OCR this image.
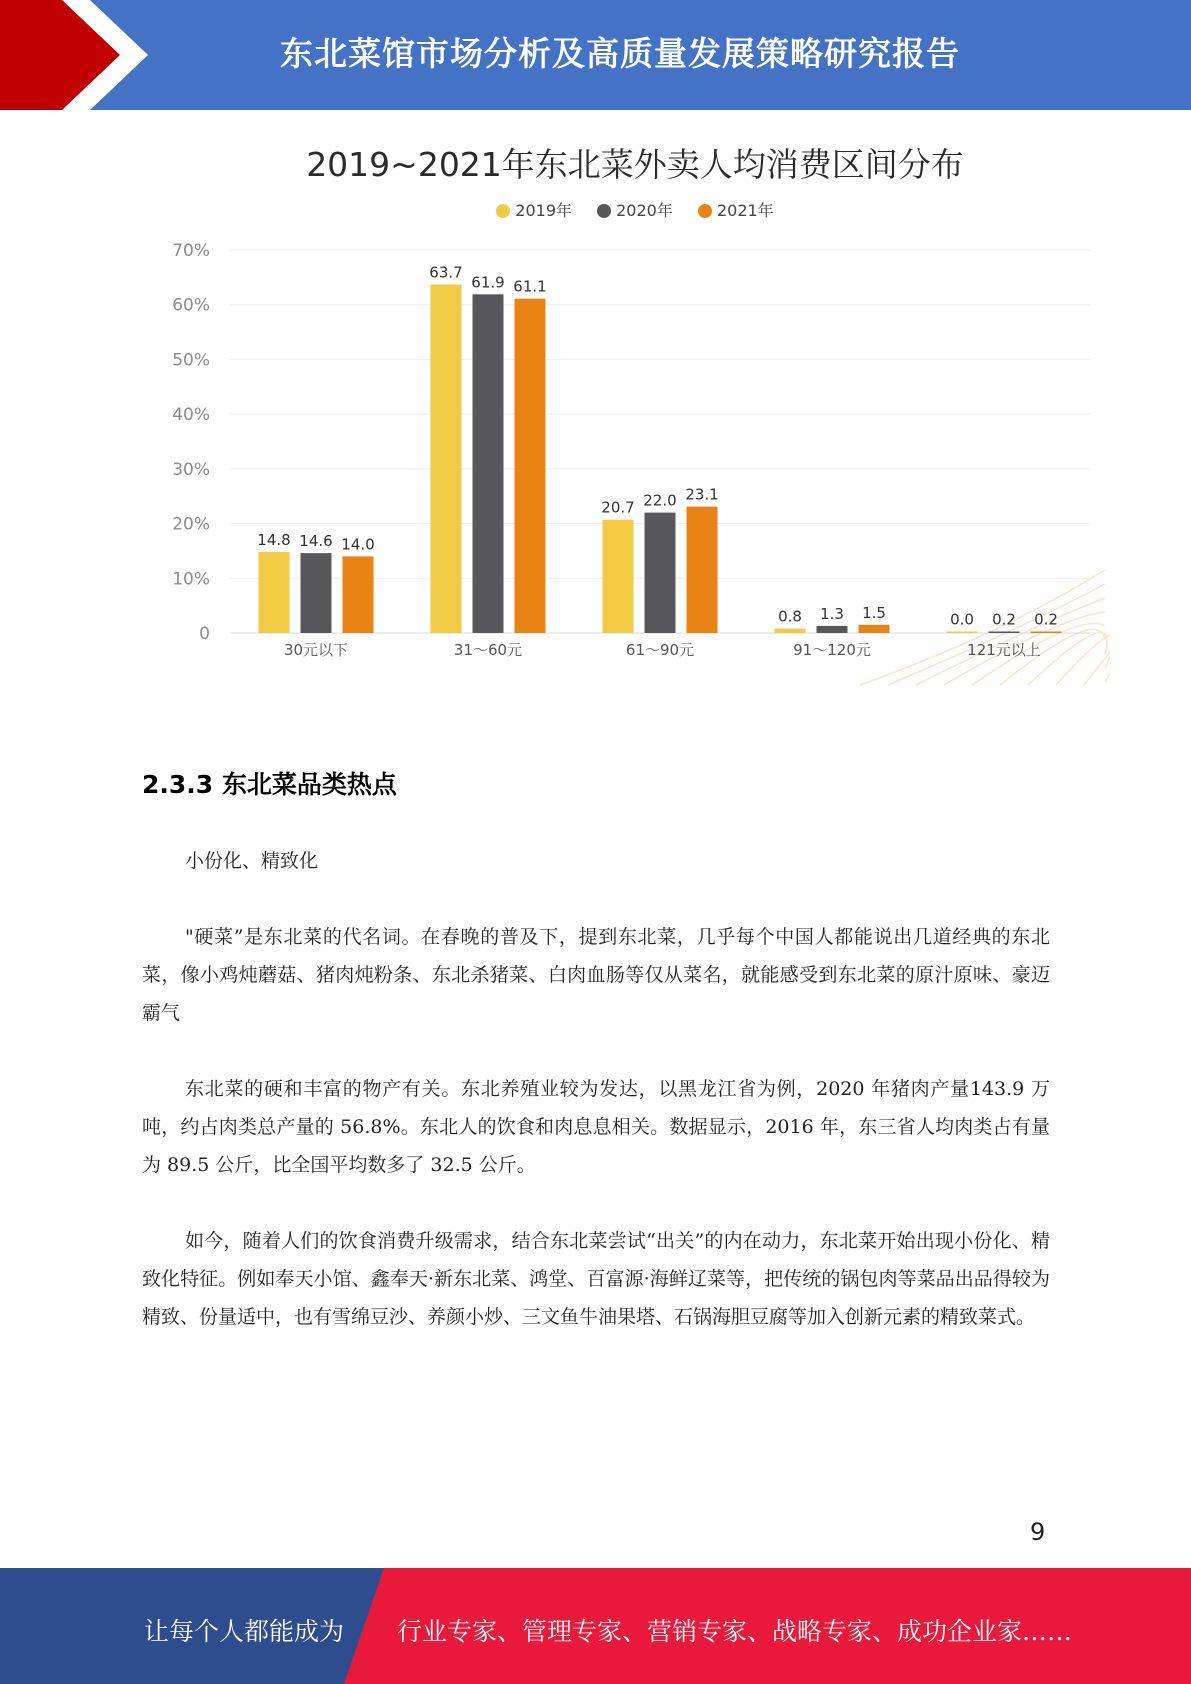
东北菜馆市场分析及高质量发展策略研究报告
2019~2021年东北菜外卖人均消费区间分布
2019年	2020年	2021年
0
10%
20%
30%
40%
50%
60%
70%
14.8 14.6 14.0
30元以下
63.7
61.9 61.1
31～60元
20.7 22.0 23.1
61～90元
0.8 1.3 1.5
91～120元
0.0 0.2 0.2
121元以上
2.3.3 东北菜品类热点
小份化、精致化
"硬菜”是东北菜的代名词。在春晚的普及下，提到东北菜，几乎每个中国人都能说出几道经典的东北菜，像小鸡炖蘑菇、猪肉炖粉条、东北杀猪菜、白肉血肠等仅从菜名，就能感受到东北菜的原汁原味、豪迈霸气
东北菜的硬和丰富的物产有关。东北养殖业较为发达，以黑龙江省为例，2020 年猪肉产量143.9 万吨，约占肉类总产量的 56.8%。东北人的饮食和肉息息相关。数据显示，2016 年，东三省人均肉类占有量为 89.5 公斤，比全国平均数多了 32.5 公斤。
如今，随着人们的饮食消费升级需求，结合东北菜尝试“出关”的内在动力，东北菜开始出现小份化、精致化特征。例如奉天小馆、鑫奉天·新东北菜、鸿堂、百富源·海鲜辽菜等，把传统的锅包肉等菜品出品得较为精致、份量适中，也有雪绵豆沙、养颜小炒、三文鱼牛油果塔、石锅海胆豆腐等加入创新元素的精致菜式。
9
让每个人都能成为 行业专家、管理专家、营销专家、战略专家、成功企业家……
